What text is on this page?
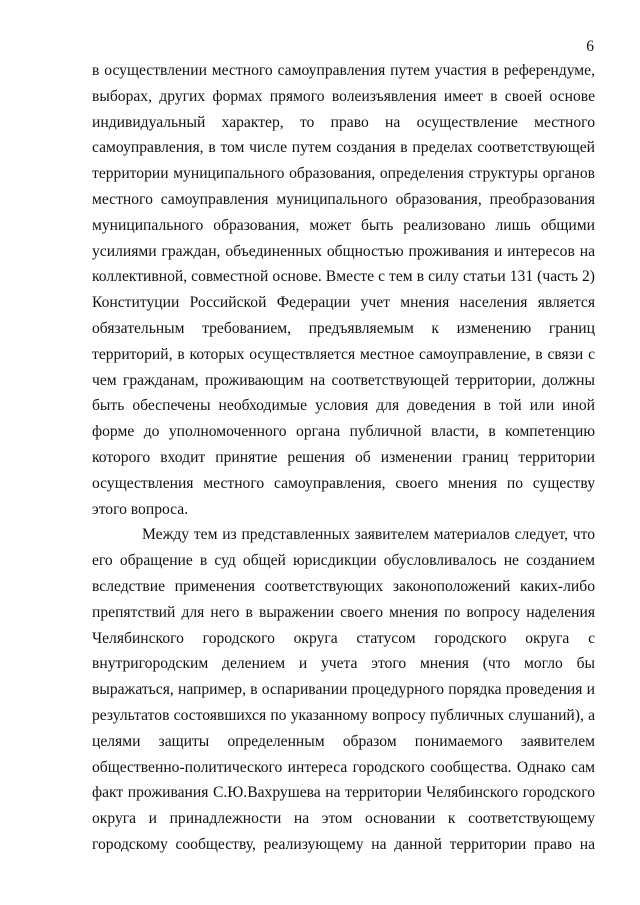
6
в осуществлении местного самоуправления путем участия в референдуме,
выборах, других формах прямого волеизъявления имеет в своей основе
индивидуальный характер, то право на осуществление местного
самоуправления, в том числе путем создания в пределах соответствующей
территории муниципального образования, определения структуры органов
местного самоуправления муниципального образования, преобразования
муниципального образования, может быть реализовано лишь общими
усилиями граждан, объединенных общностью проживания и интересов на
коллективной, совместной основе. Вместе с тем в силу статьи 131 (часть 2)
Конституции Российской Федерации учет мнения населения является
обязательным требованием, предъявляемым к изменению границ
территорий, в которых осуществляется местное самоуправление, в связи с
чем гражданам, проживающим на соответствующей территории, должны
быть обеспечены необходимые условия для доведения в той или иной
форме до уполномоченного органа публичной власти, в компетенцию
которого входит принятие решения об изменении границ территории
осуществления местного самоуправления, своего мнения по существу
этого вопроса.
Между тем из представленных заявителем материалов следует, что
его обращение в суд общей юрисдикции обусловливалось не созданием
вследствие применения соответствующих законоположений каких-либо
препятствий для него в выражении своего мнения по вопросу наделения
Челябинского городского округа статусом городского округа с
внутригородским делением и учета этого мнения (что могло бы
выражаться, например, в оспаривании процедурного порядка проведения и
результатов состоявшихся по указанному вопросу публичных слушаний), а
целями защиты определенным образом понимаемого заявителем
общественно-политического интереса городского сообщества. Однако сам
факт проживания С.Ю.Вахрушева на территории Челябинского городского
округа и принадлежности на этом основании к соответствующему
городскому сообществу, реализующему на данной территории право на
